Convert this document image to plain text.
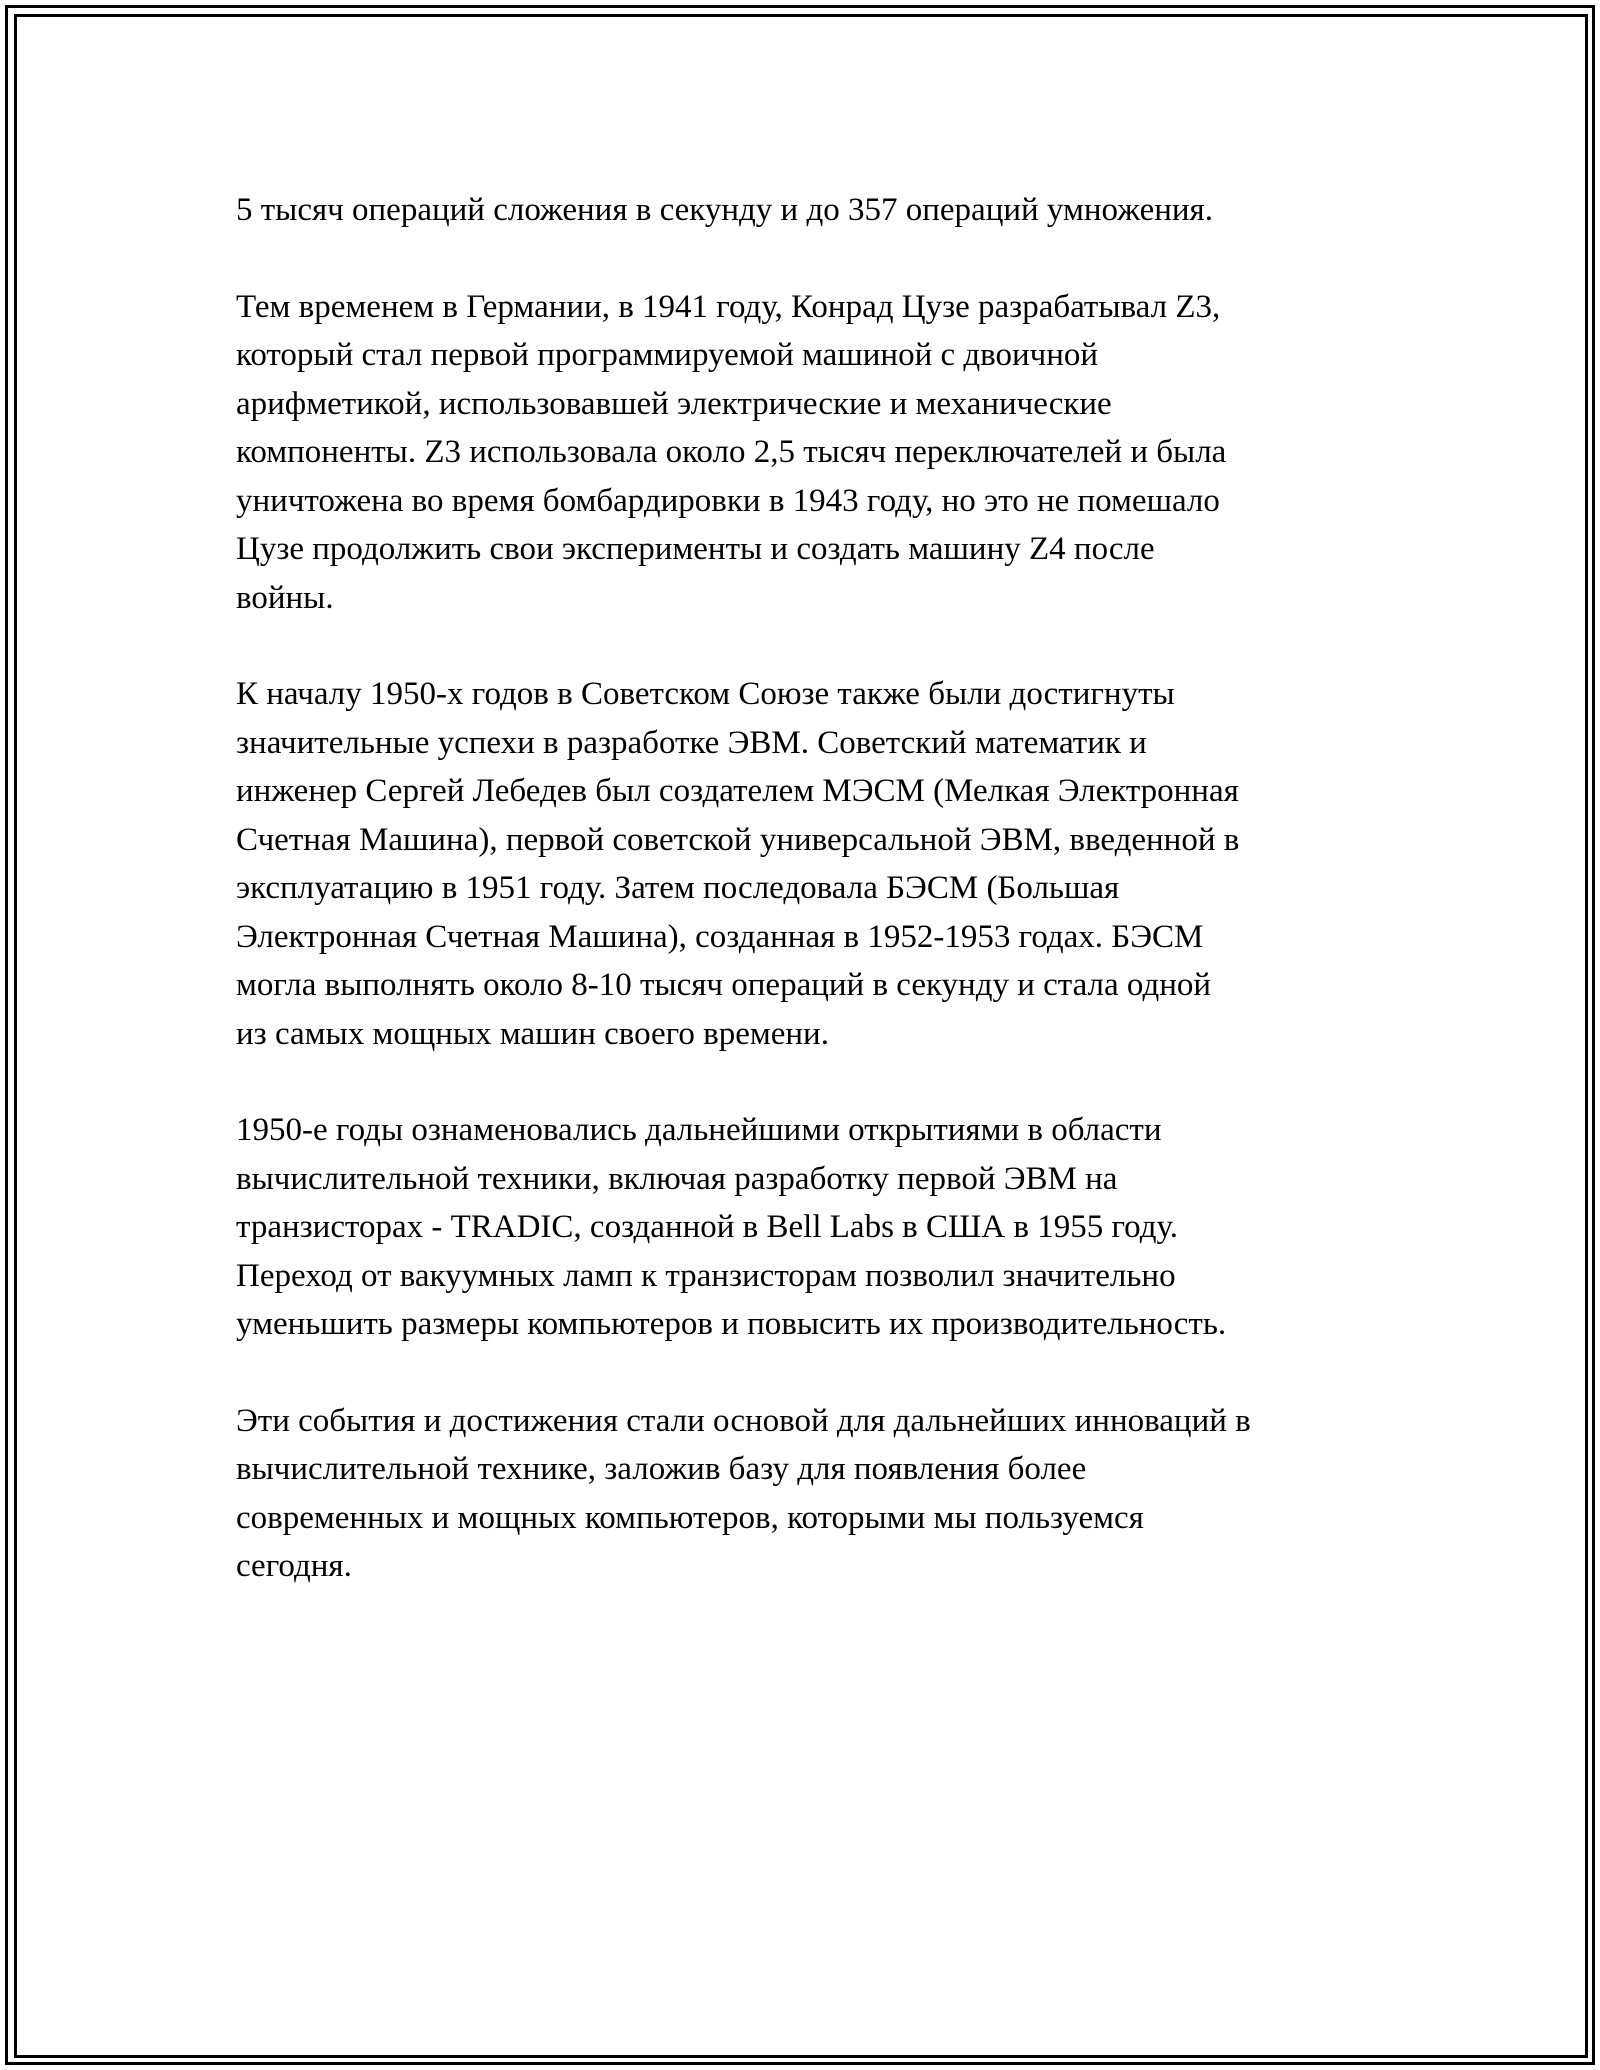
5 тысяч операций сложения в секунду и до 357 операций умножения.

Тем временем в Германии, в 1941 году, Конрад Цузе разрабатывал Z3,
который стал первой программируемой машиной с двоичной
арифметикой, использовавшей электрические и механические
компоненты. Z3 использовала около 2,5 тысяч переключателей и была
уничтожена во время бомбардировки в 1943 году, но это не помешало
Цузе продолжить свои эксперименты и создать машину Z4 после
войны.

К началу 1950-х годов в Советском Союзе также были достигнуты
значительные успехи в разработке ЭВМ. Советский математик и
инженер Сергей Лебедев был создателем МЭСМ (Мелкая Электронная
Счетная Машина), первой советской универсальной ЭВМ, введенной в
эксплуатацию в 1951 году. Затем последовала БЭСМ (Большая
Электронная Счетная Машина), созданная в 1952-1953 годах. БЭСМ
могла выполнять около 8-10 тысяч операций в секунду и стала одной
из самых мощных машин своего времени.

1950-е годы ознаменовались дальнейшими открытиями в области
вычислительной техники, включая разработку первой ЭВМ на
транзисторах - TRADIC, созданной в Bell Labs в США в 1955 году.
Переход от вакуумных ламп к транзисторам позволил значительно
уменьшить размеры компьютеров и повысить их производительность.

Эти события и достижения стали основой для дальнейших инноваций в
вычислительной технике, заложив базу для появления более
современных и мощных компьютеров, которыми мы пользуемся
сегодня.
